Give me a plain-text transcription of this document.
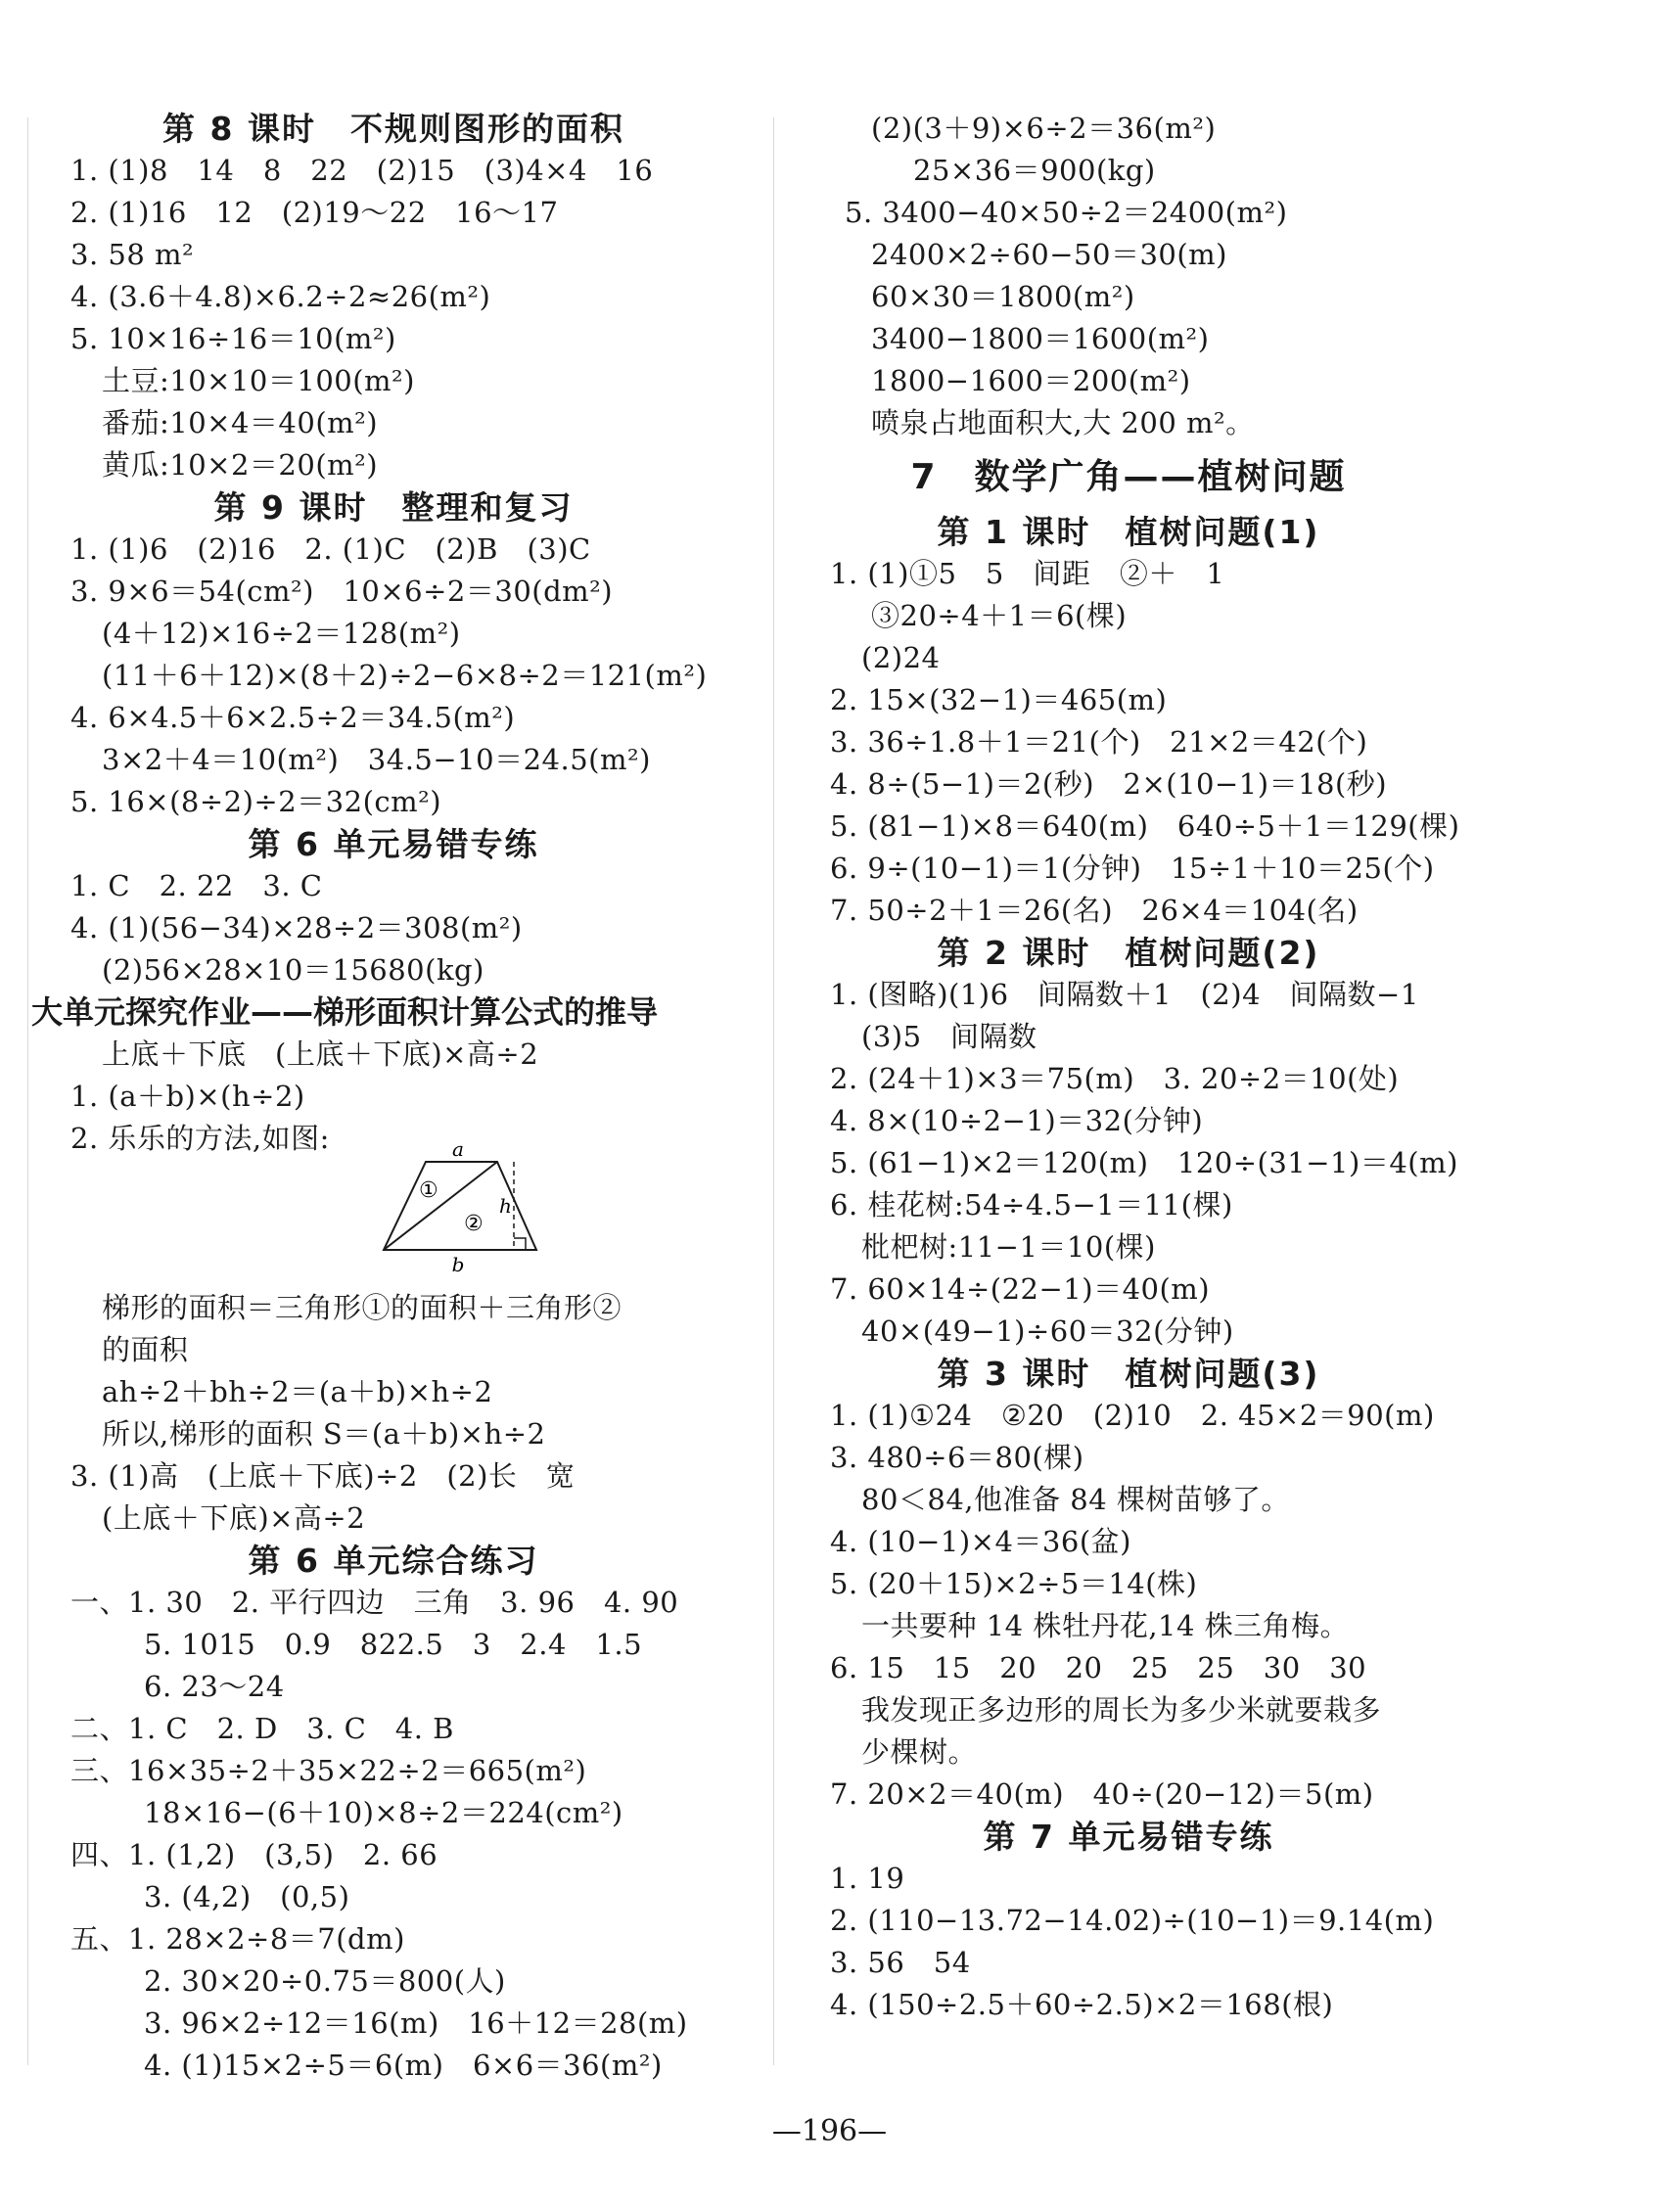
第 8 课时　不规则图形的面积
1. (1)8　14　8　22　(2)15　(3)4×4　16
2. (1)16　12　(2)19～22　16～17
3. 58 m²
4. (3.6＋4.8)×6.2÷2≈26(m²)
5. 10×16÷16＝10(m²)
土豆:10×10＝100(m²)
番茄:10×4＝40(m²)
黄瓜:10×2＝20(m²)
第 9 课时　整理和复习
1. (1)6　(2)16　2. (1)C　(2)B　(3)C
3. 9×6＝54(cm²)　10×6÷2＝30(dm²)
(4＋12)×16÷2＝128(m²)
(11＋6＋12)×(8＋2)÷2−6×8÷2＝121(m²)
4. 6×4.5＋6×2.5÷2＝34.5(m²)
3×2＋4＝10(m²)　34.5−10＝24.5(m²)
5. 16×(8÷2)÷2＝32(cm²)
第 6 单元易错专练
1. C　2. 22　3. C
4. (1)(56−34)×28÷2＝308(m²)
(2)56×28×10＝15680(kg)
大单元探究作业——梯形面积计算公式的推导
上底＋下底　(上底＋下底)×高÷2
1. (a＋b)×(h÷2)
2. 乐乐的方法,如图:	a
b
h
①
②
梯形的面积＝三角形①的面积＋三角形②
的面积
ah÷2＋bh÷2＝(a＋b)×h÷2
所以,梯形的面积 S＝(a＋b)×h÷2
3. (1)高　(上底＋下底)÷2　(2)长　宽
(上底＋下底)×高÷2
第 6 单元综合练习
一、1. 30　2. 平行四边　三角　3. 96　4. 90
5. 1015　0.9　822.5　3　2.4　1.5
6. 23～24
二、1. C　2. D　3. C　4. B
三、16×35÷2＋35×22÷2＝665(m²)
18×16−(6＋10)×8÷2＝224(cm²)
四、1. (1,2)　(3,5)　2. 66
3. (4,2)　(0,5)
五、1. 28×2÷8＝7(dm)
2. 30×20÷0.75＝800(人)
3. 96×2÷12＝16(m)　16＋12＝28(m)
4. (1)15×2÷5＝6(m)　6×6＝36(m²)
(2)(3＋9)×6÷2＝36(m²)
25×36＝900(kg)
5. 3400−40×50÷2＝2400(m²)
2400×2÷60−50＝30(m)
60×30＝1800(m²)
3400−1800＝1600(m²)
1800−1600＝200(m²)
喷泉占地面积大,大 200 m²。
7　数学广角——植树问题
第 1 课时　植树问题(1)
1. (1)①5　5　间距　②＋　1
③20÷4＋1＝6(棵)
(2)24
2. 15×(32−1)＝465(m)
3. 36÷1.8＋1＝21(个)　21×2＝42(个)
4. 8÷(5−1)＝2(秒)　2×(10−1)＝18(秒)
5. (81−1)×8＝640(m)　640÷5＋1＝129(棵)
6. 9÷(10−1)＝1(分钟)　15÷1＋10＝25(个)
7. 50÷2＋1＝26(名)　26×4＝104(名)
第 2 课时　植树问题(2)
1. (图略)(1)6　间隔数＋1　(2)4　间隔数−1
(3)5　间隔数
2. (24＋1)×3＝75(m)　3. 20÷2＝10(处)
4. 8×(10÷2−1)＝32(分钟)
5. (61−1)×2＝120(m)　120÷(31−1)＝4(m)
6. 桂花树:54÷4.5−1＝11(棵)
枇杷树:11−1＝10(棵)
7. 60×14÷(22−1)＝40(m)
40×(49−1)÷60＝32(分钟)
第 3 课时　植树问题(3)
1. (1)①24　②20　(2)10　2. 45×2＝90(m)
3. 480÷6＝80(棵)
80＜84,他准备 84 棵树苗够了。
4. (10−1)×4＝36(盆)
5. (20＋15)×2÷5＝14(株)
一共要种 14 株牡丹花,14 株三角梅。
6. 15　15　20　20　25　25　30　30
我发现正多边形的周长为多少米就要栽多
少棵树。
7. 20×2＝40(m)　40÷(20−12)＝5(m)
第 7 单元易错专练
1. 19
2. (110−13.72−14.02)÷(10−1)＝9.14(m)
3. 56　54
4. (150÷2.5＋60÷2.5)×2＝168(根)
—196—
